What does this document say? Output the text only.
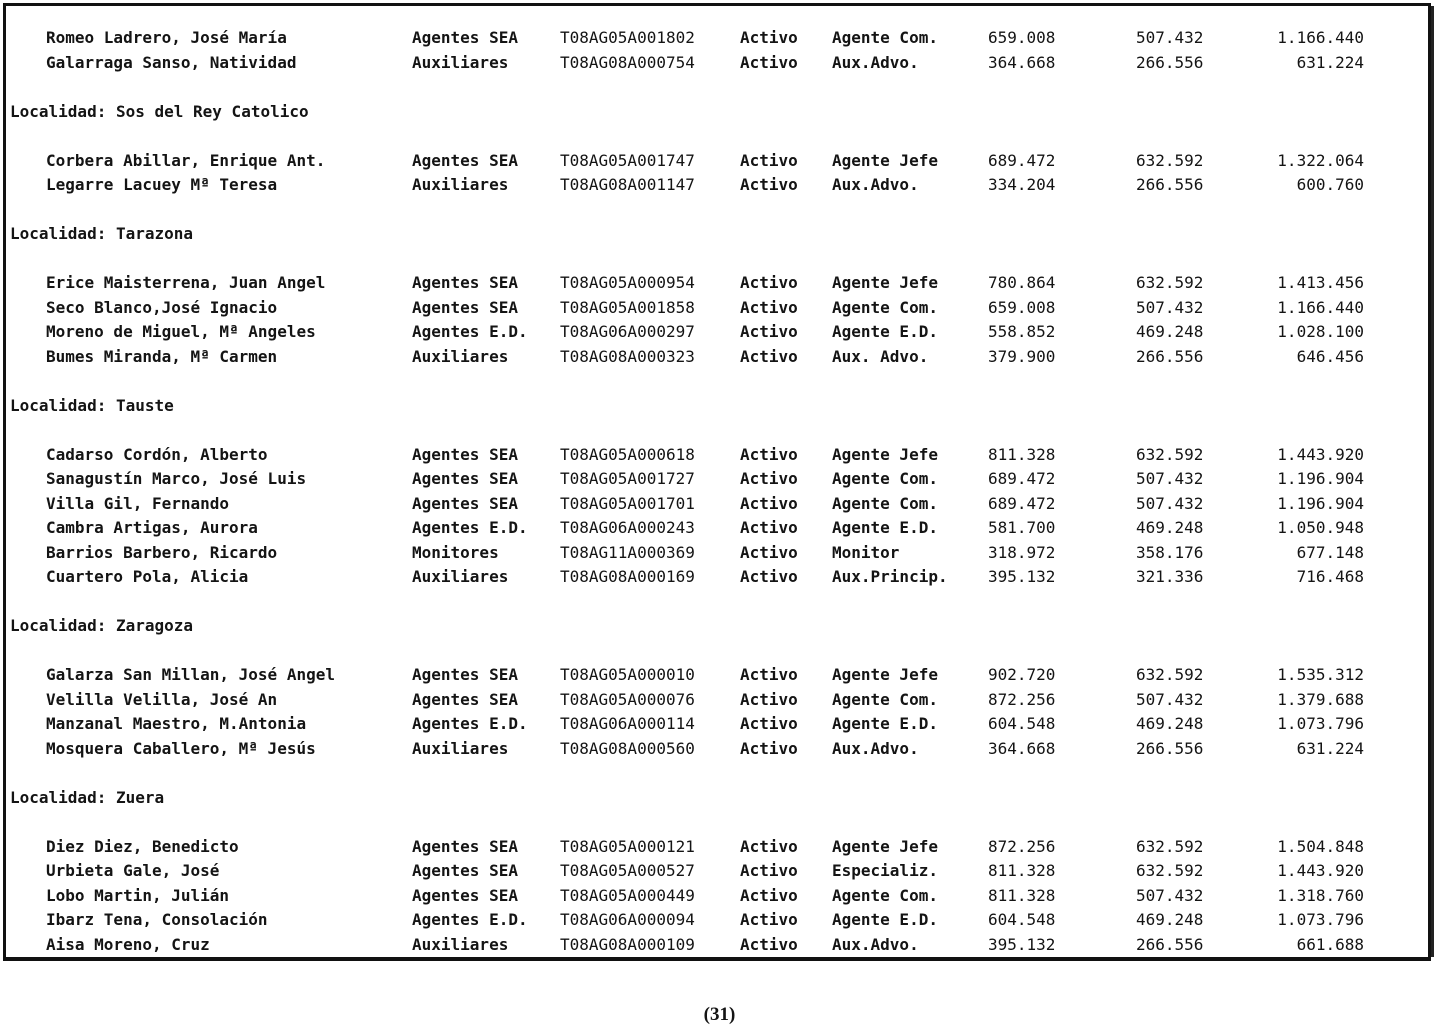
Romeo Ladrero, José María	Agentes SEA	T08AG05A001802	Activo Agente Com.	659.008	507.432	1.166.440
Galarraga Sanso, Natividad	Auxiliares	T08AG08A000754	Activo Aux.Advo.	364.668	266.556	631.224
Localidad: Sos del Rey Catolico
Corbera Abillar, Enrique Ant.	Agentes SEA	T08AG05A001747	Activo Agente Jefe	689.472	632.592	1.322.064
Legarre Lacuey Mª Teresa	Auxiliares	T08AG08A001147	Activo Aux.Advo.	334.204	266.556	600.760
Localidad: Tarazona
Erice Maisterrena, Juan Angel	Agentes SEA	T08AG05A000954	Activo Agente Jefe	780.864	632.592	1.413.456
Seco Blanco,José Ignacio	Agentes SEA	T08AG05A001858	Activo Agente Com.	659.008	507.432	1.166.440
Moreno de Miguel, Mª Angeles	Agentes E.D. T08AG06A000297	Activo Agente E.D.	558.852	469.248	1.028.100
Bumes Miranda, Mª Carmen	Auxiliares	T08AG08A000323	Activo Aux. Advo.	379.900	266.556	646.456
Localidad: Tauste
Cadarso Cordón, Alberto	Agentes SEA	T08AG05A000618	Activo Agente Jefe	811.328	632.592	1.443.920
Sanagustín Marco, José Luis	Agentes SEA	T08AG05A001727	Activo Agente Com.	689.472	507.432	1.196.904
Villa Gil, Fernando	Agentes SEA	T08AG05A001701	Activo Agente Com.	689.472	507.432	1.196.904
Cambra Artigas, Aurora	Agentes E.D. T08AG06A000243	Activo Agente E.D.	581.700	469.248	1.050.948
Barrios Barbero, Ricardo	Monitores	T08AG11A000369	Activo Monitor	318.972	358.176	677.148
Cuartero Pola, Alicia	Auxiliares	T08AG08A000169	Activo Aux.Princip.	395.132	321.336	716.468
Localidad: Zaragoza
Galarza San Millan, José Angel	Agentes SEA	T08AG05A000010	Activo Agente Jefe	902.720	632.592	1.535.312
Velilla Velilla, José An	Agentes SEA	T08AG05A000076	Activo Agente Com.	872.256	507.432	1.379.688
Manzanal Maestro, M.Antonia	Agentes E.D. T08AG06A000114	Activo Agente E.D.	604.548	469.248	1.073.796
Mosquera Caballero, Mª Jesús	Auxiliares	T08AG08A000560	Activo Aux.Advo.	364.668	266.556	631.224
Localidad: Zuera
Diez Diez, Benedicto	Agentes SEA	T08AG05A000121	Activo Agente Jefe	872.256	632.592	1.504.848
Urbieta Gale, José	Agentes SEA	T08AG05A000527	Activo Especializ.	811.328	632.592	1.443.920
Lobo Martin, Julián	Agentes SEA	T08AG05A000449	Activo Agente Com.	811.328	507.432	1.318.760
Ibarz Tena, Consolación	Agentes E.D. T08AG06A000094	Activo Agente E.D.	604.548	469.248	1.073.796
Aisa Moreno, Cruz	Auxiliares	T08AG08A000109	Activo Aux.Advo.	395.132	266.556	661.688
(31)
